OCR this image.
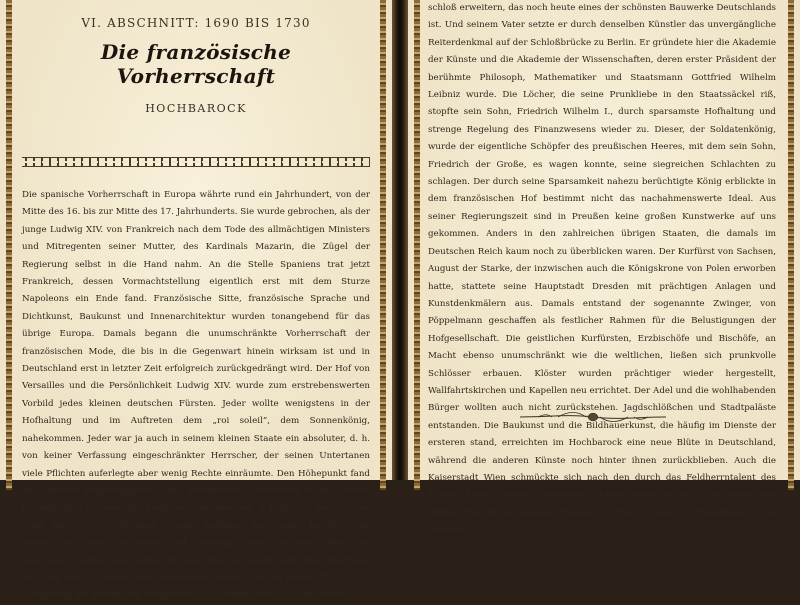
VI. ABSCHNITT: 1690 BIS 1730
Die französische Vorherrschaft
HOCHBAROCK

Die spanische Vorherrschaft in Europa währte rund ein Jahrhundert, von der Mitte des 16. bis zur Mitte des 17. Jahrhunderts. Sie wurde gebrochen, als der junge Ludwig XIV. von Frankreich nach dem Tode des allmächtigen Ministers und Mitregenten seiner Mutter, des Kardinals Mazarin, die Zügel der Regierung selbst in die Hand nahm. An die Stelle Spaniens trat jetzt Frankreich, dessen Vormachtstellung eigentlich erst mit dem Sturze Napoleons ein Ende fand. Französische Sitte, französische Sprache und Dichtkunst, Baukunst und Innenarchitektur wurden tonangebend für das übrige Europa. Damals begann die unumschränkte Vorherrschaft der französischen Mode, die bis in die Gegenwart hinein wirksam ist und in Deutschland erst in letzter Zeit erfolgreich zurückgedrängt wird. Der Hof von Versailles und die Persönlichkeit Ludwig XIV. wurde zum erstrebenswerten Vorbild jedes kleinen deutschen Fürsten. Jeder wollte wenigstens in der Hofhaltung und im Auftreten dem „roi soleil“, dem Sonnenkönig, nahekommen. Jeder war ja auch in seinem kleinen Staate ein absoluter, d. h. von keiner Verfassung eingeschränkter Herrscher, der seinen Untertanen viele Pflichten auferlegte aber wenig Rechte einräumte. Den Höhepunkt fand die absolute Regierungsform, der Absolutismus, wiederum in der Person Ludwigs XIV., von dem der Ausspruch stammen soll „L'Etat c'est moi“ = „Der Staat bin ich!“ — Preußen schritt, nachdem der Große Kurfürst den preußischen Staat begründet und befestigt hatte, auf dem Wege zur Großmacht weiter. Nach außen hin kam dies vor allem darin zum Ausdruck, daß sein Sohn Friedrich die Königswürde erwarb und im Jahre 1701 sich in Königsberg die preußische Königskrone aufs Haupt setzte. Um der neuen

schloß erweitern, das noch heute eines der schönsten Bauwerke Deutschlands ist. Und seinem Vater setzte er durch denselben Künstler das unvergängliche Reiterdenkmal auf der Schloßbrücke zu Berlin. Er gründete hier die Akademie der Künste und die Akademie der Wissenschaften, deren erster Präsident der berühmte Philosoph, Mathematiker und Staatsmann Gottfried Wilhelm Leibniz wurde. Die Löcher, die seine Prunkliebe in den Staatssäckel riß, stopfte sein Sohn, Friedrich Wilhelm I., durch sparsamste Hofhaltung und strenge Regelung des Finanzwesens wieder zu. Dieser, der Soldatenkönig, wurde der eigentliche Schöpfer des preußischen Heeres, mit dem sein Sohn, Friedrich der Große, es wagen konnte, seine siegreichen Schlachten zu schlagen. Der durch seine Sparsamkeit nahezu berüchtigte König erblickte in dem französischen Hof bestimmt nicht das nachahmenswerte Ideal. Aus seiner Regierungszeit sind in Preußen keine großen Kunstwerke auf uns gekommen. Anders in den zahlreichen übrigen Staaten, die damals im Deutschen Reich kaum noch zu überblicken waren. Der Kurfürst von Sachsen, August der Starke, der inzwischen auch die Königskrone von Polen erworben hatte, stattete seine Hauptstadt Dresden mit prächtigen Anlagen und Kunstdenkmälern aus. Damals entstand der sogenannte Zwinger, von Pöppelmann geschaffen als festlicher Rahmen für die Belustigungen der Hofgesellschaft. Die geistlichen Kurfürsten, Erzbischöfe und Bischöfe, an Macht ebenso unumschränkt wie die weltlichen, ließen sich prunkvolle Schlösser erbauen. Klöster wurden prächtiger wieder hergestellt, Wallfahrtskirchen und Kapellen neu errichtet. Der Adel und die wohlhabenden Bürger wollten auch nicht zurückstehen. Jagdschlößchen und Stadtpaläste entstanden. Die Baukunst und die Bildhauerkunst, die häufig im Dienste der ersteren stand, erreichten im Hochbarock eine neue Blüte in Deutschland, während die anderen Künste noch hinter ihnen zurückblieben. Auch die Kaiserstadt Wien schmückte sich nach den durch das Feldherrntalent des Prinzen Eugen siegreich beendeten Türkenkriegen mit herrlichen Bauten der großen Barock-Architekten Fischer v. Erlach, Lucas v. Hildebrand u. a. Meistern.
